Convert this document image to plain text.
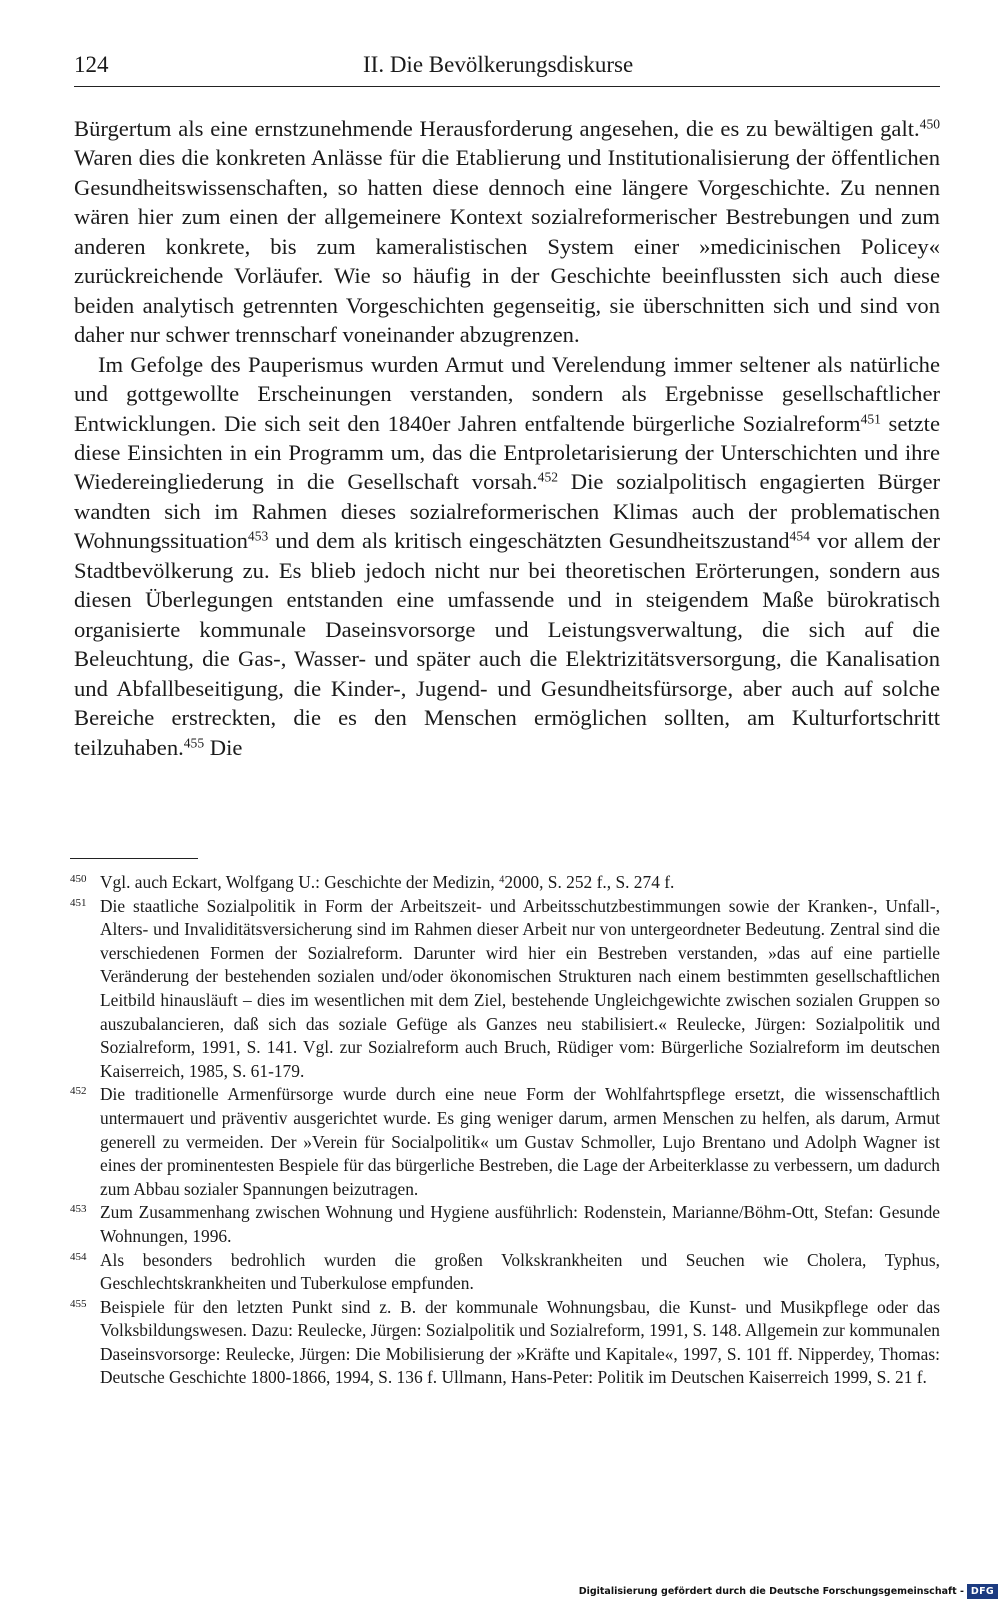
124	II. Die Bevölkerungsdiskurse

Bürgertum als eine ernstzunehmende Herausforderung angesehen, die es zu bewältigen galt.$^{450}$ Waren dies die konkreten Anlässe für die Etablierung und Institutionalisierung der öffentlichen Gesundheitswissenschaften, so hatten diese dennoch eine längere Vorgeschichte. Zu nennen wären hier zum einen der allgemeinere Kontext sozialreformerischer Bestrebungen und zum anderen konkrete, bis zum kameralistischen System einer »medicinischen Policey« zurückreichende Vorläufer. Wie so häufig in der Geschichte beeinflussten sich auch diese beiden analytisch getrennten Vorgeschichten gegenseitig, sie überschnitten sich und sind von daher nur schwer trennscharf voneinander abzugrenzen.

Im Gefolge des Pauperismus wurden Armut und Verelendung immer seltener als natürliche und gottgewollte Erscheinungen verstanden, sondern als Ergebnisse gesellschaftlicher Entwicklungen. Die sich seit den 1840er Jahren entfaltende bürgerliche Sozialreform$^{451}$ setzte diese Einsichten in ein Programm um, das die Entproletarisierung der Unterschichten und ihre Wiedereingliederung in die Gesellschaft vorsah.$^{452}$ Die sozialpolitisch engagierten Bürger wandten sich im Rahmen dieses sozialreformerischen Klimas auch der problematischen Wohnungssituation$^{453}$ und dem als kritisch eingeschätzten Gesundheitszustand$^{454}$ vor allem der Stadtbevölkerung zu. Es blieb jedoch nicht nur bei theoretischen Erörterungen, sondern aus diesen Überlegungen entstanden eine umfassende und in steigendem Maße bürokratisch organisierte kommunale Daseinsvorsorge und Leistungsverwaltung, die sich auf die Beleuchtung, die Gas-, Wasser- und später auch die Elektrizitätsversorgung, die Kanalisation und Abfallbeseitigung, die Kinder-, Jugend- und Gesundheitsfürsorge, aber auch auf solche Bereiche erstreckten, die es den Menschen ermöglichen sollten, am Kulturfortschritt teilzuhaben.$^{455}$ Die

450 Vgl. auch Eckart, Wolfgang U.: Geschichte der Medizin, $^4$2000, S. 252 f., S. 274 f.

451 Die staatliche Sozialpolitik in Form der Arbeitszeit- und Arbeitsschutzbestimmungen sowie der Kranken-, Unfall-, Alters- und Invaliditätsversicherung sind im Rahmen dieser Arbeit nur von untergeordneter Bedeutung. Zentral sind die verschiedenen Formen der Sozialreform. Darunter wird hier ein Bestreben verstanden, »das auf eine partielle Veränderung der bestehenden sozialen und/oder ökonomischen Strukturen nach einem bestimmten gesellschaftlichen Leitbild hinausläuft – dies im wesentlichen mit dem Ziel, bestehende Ungleichgewichte zwischen sozialen Gruppen so auszubalancieren, daß sich das soziale Gefüge als Ganzes neu stabilisiert.« Reulecke, Jürgen: Sozialpolitik und Sozialreform, 1991, S. 141. Vgl. zur Sozialreform auch Bruch, Rüdiger vom: Bürgerliche Sozialreform im deutschen Kaiserreich, 1985, S. 61-179.

452 Die traditionelle Armenfürsorge wurde durch eine neue Form der Wohlfahrtspflege ersetzt, die wissenschaftlich untermauert und präventiv ausgerichtet wurde. Es ging weniger darum, armen Menschen zu helfen, als darum, Armut generell zu vermeiden. Der »Verein für Socialpolitik« um Gustav Schmoller, Lujo Brentano und Adolph Wagner ist eines der prominentesten Bespiele für das bürgerliche Bestreben, die Lage der Arbeiterklasse zu verbessern, um dadurch zum Abbau sozialer Spannungen beizutragen.

453 Zum Zusammenhang zwischen Wohnung und Hygiene ausführlich: Rodenstein, Marianne/Böhm-Ott, Stefan: Gesunde Wohnungen, 1996.

454 Als besonders bedrohlich wurden die großen Volkskrankheiten und Seuchen wie Cholera, Typhus, Geschlechtskrankheiten und Tuberkulose empfunden.

455 Beispiele für den letzten Punkt sind z. B. der kommunale Wohnungsbau, die Kunst- und Musikpflege oder das Volksbildungswesen. Dazu: Reulecke, Jürgen: Sozialpolitik und Sozialreform, 1991, S. 148. Allgemein zur kommunalen Daseinsvorsorge: Reulecke, Jürgen: Die Mobilisierung der »Kräfte und Kapitale«, 1997, S. 101 ff. Nipperdey, Thomas: Deutsche Geschichte 1800-1866, 1994, S. 136 f. Ullmann, Hans-Peter: Politik im Deutschen Kaiserreich 1999, S. 21 f.

Digitalisierung gefördert durch die Deutsche Forschungsgemeinschaft - DFG
